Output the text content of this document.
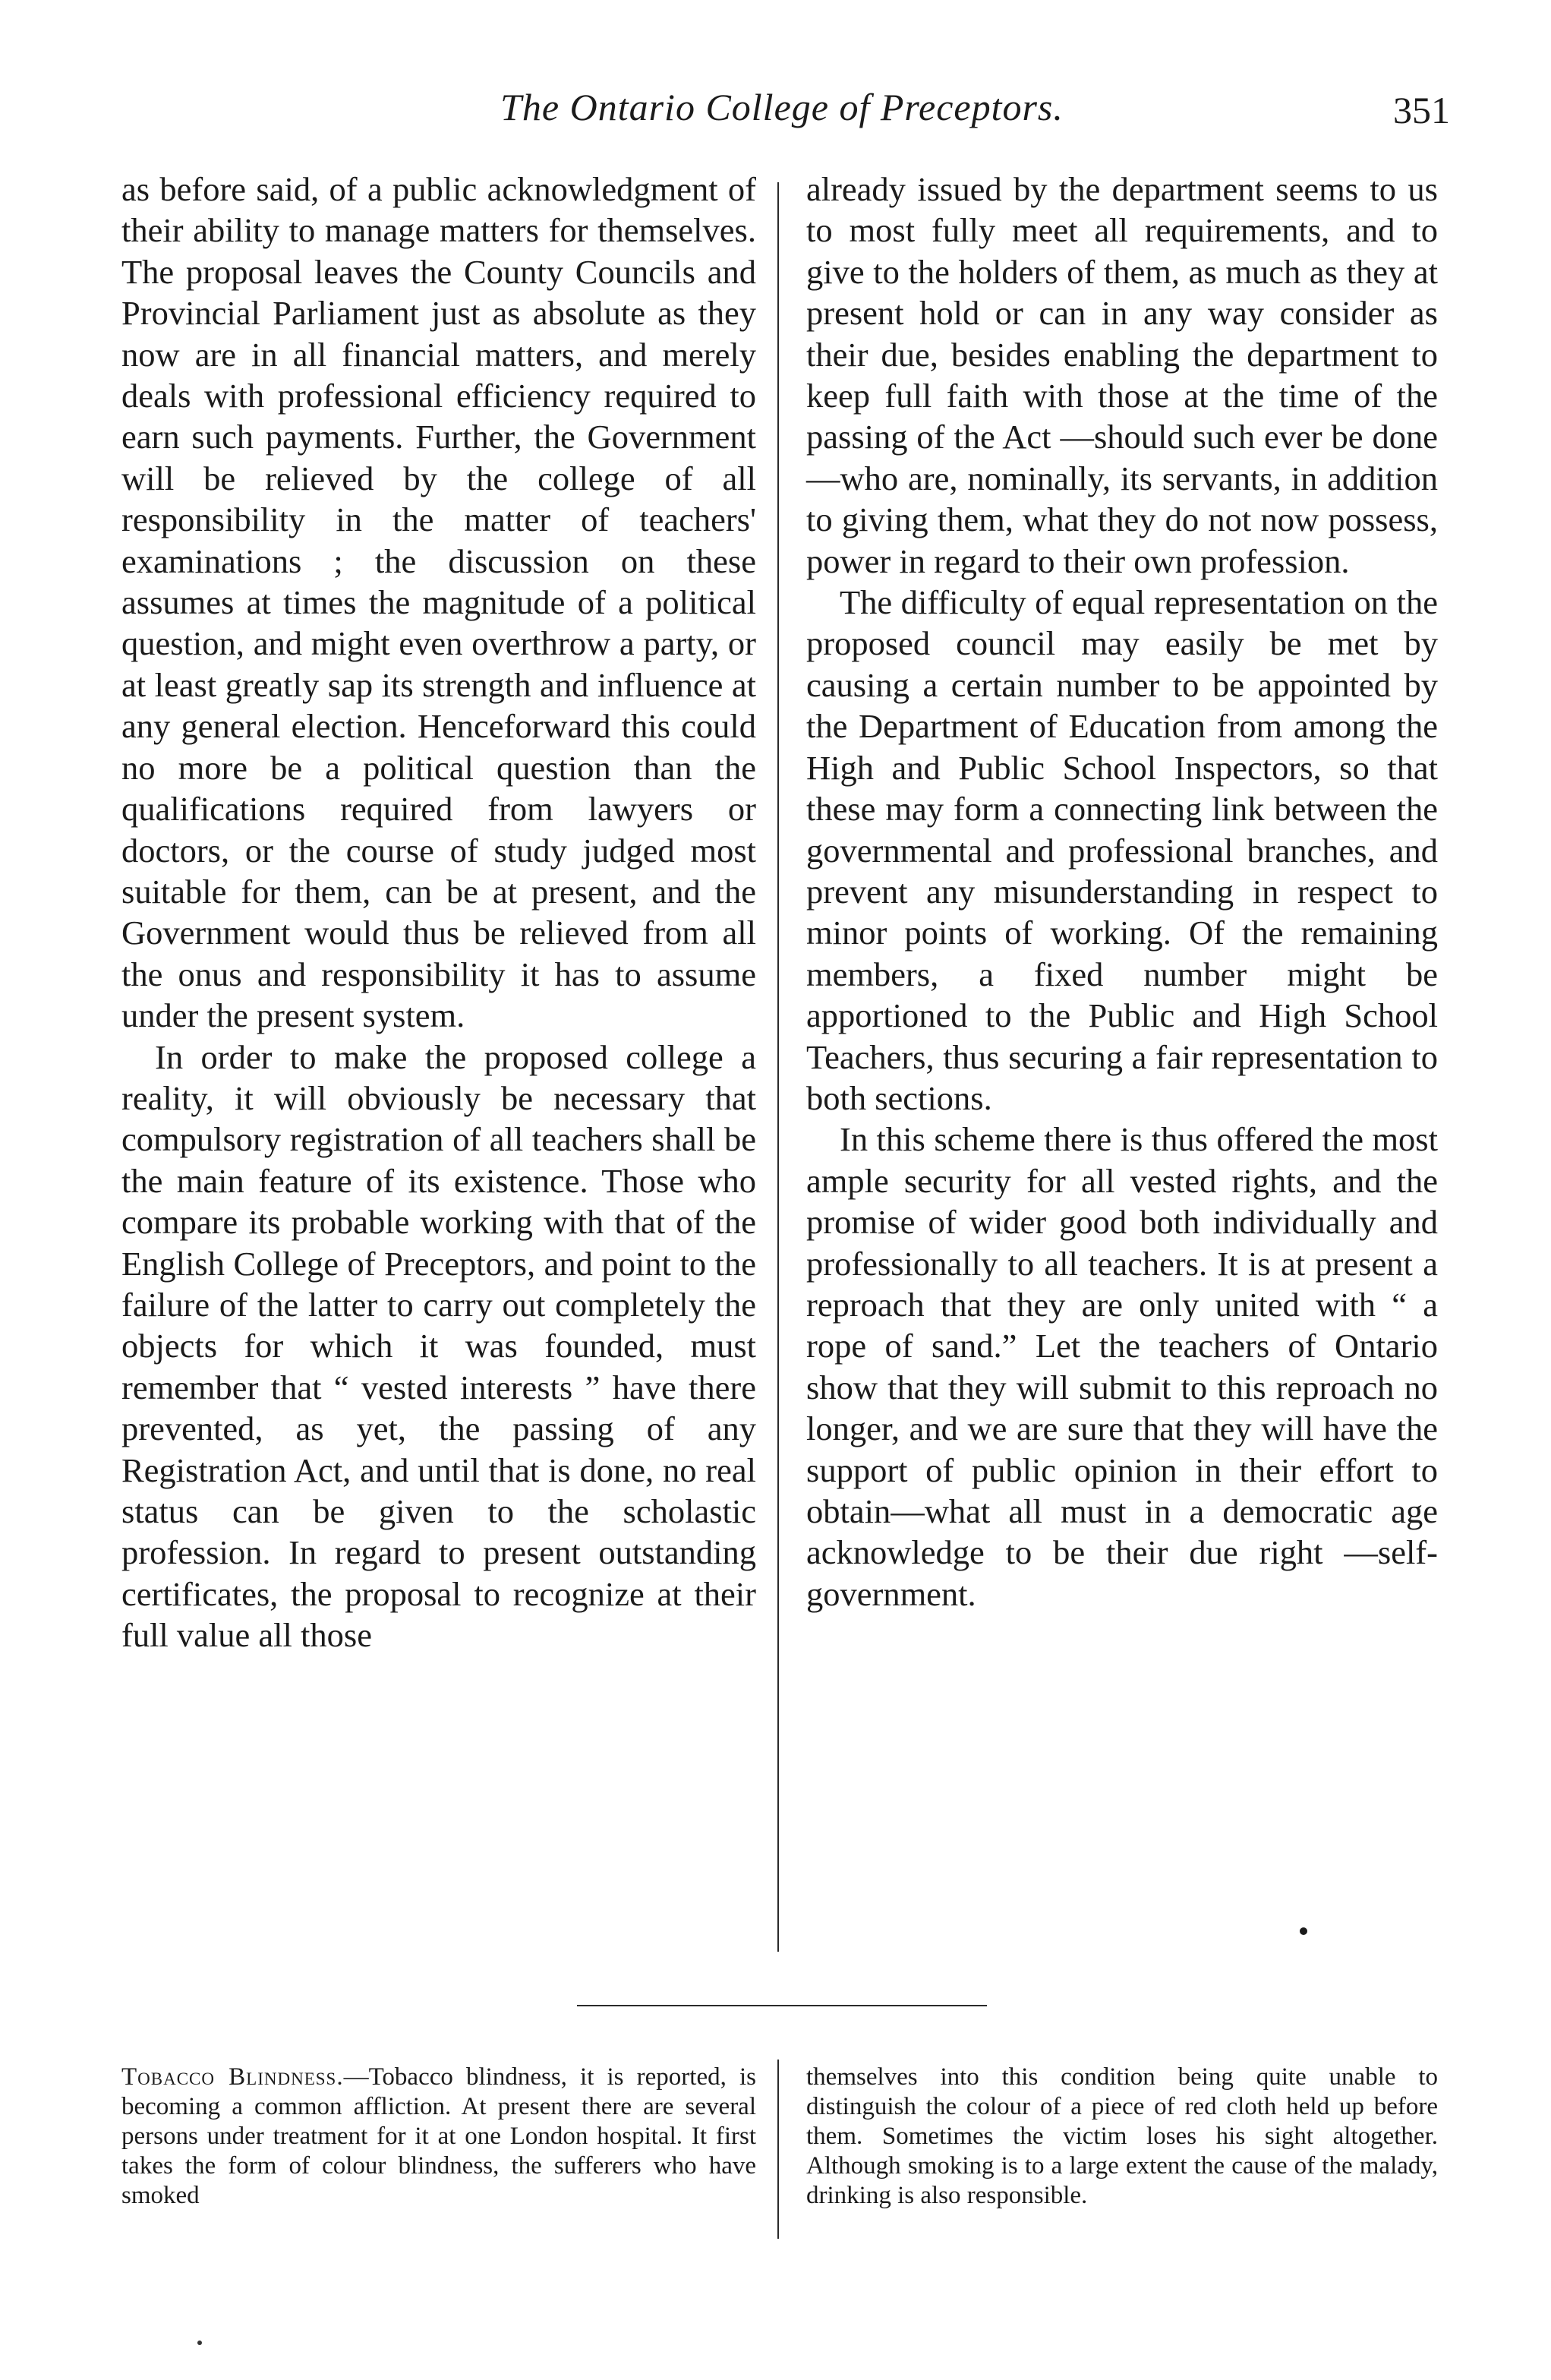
The Ontario College of Preceptors.	351

as before said, of a public acknowledgment of their ability to manage matters for themselves. The proposal leaves the County Councils and Provincial Parliament just as absolute as they now are in all financial matters, and merely deals with professional efficiency required to earn such payments. Further, the Government will be relieved by the college of all responsibility in the matter of teachers' examinations ; the discussion on these assumes at times the magnitude of a political question, and might even overthrow a party, or at least greatly sap its strength and influence at any general election. Henceforward this could no more be a political question than the qualifications required from lawyers or doctors, or the course of study judged most suitable for them, can be at present, and the Government would thus be relieved from all the onus and responsibility it has to assume under the present system.

In order to make the proposed college a reality, it will obviously be necessary that compulsory registration of all teachers shall be the main feature of its existence. Those who compare its probable working with that of the English College of Preceptors, and point to the failure of the latter to carry out completely the objects for which it was founded, must remember that “ vested interests ” have there prevented, as yet, the passing of any Registration Act, and until that is done, no real status can be given to the scholastic profession. In regard to present outstanding certificates, the proposal to recognize at their full value all those

already issued by the department seems to us to most fully meet all requirements, and to give to the holders of them, as much as they at present hold or can in any way consider as their due, besides enabling the department to keep full faith with those at the time of the passing of the Act —should such ever be done—who are, nominally, its servants, in addition to giving them, what they do not now possess, power in regard to their own profession.

The difficulty of equal representation on the proposed council may easily be met by causing a certain number to be appointed by the Department of Education from among the High and Public School Inspectors, so that these may form a connecting link between the governmental and professional branches, and prevent any misunderstanding in respect to minor points of working. Of the remaining members, a fixed number might be apportioned to the Public and High School Teachers, thus securing a fair representation to both sections.

In this scheme there is thus offered the most ample security for all vested rights, and the promise of wider good both individually and professionally to all teachers. It is at present a reproach that they are only united with “ a rope of sand.” Let the teachers of Ontario show that they will submit to this reproach no longer, and we are sure that they will have the support of public opinion in their effort to obtain—what all must in a democratic age acknowledge to be their due right —self-government.

Tobacco Blindness.—Tobacco blindness, it is reported, is becoming a common affliction. At present there are several persons under treatment for it at one London hospital. It first takes the form of colour blindness, the sufferers who have smoked

themselves into this condition being quite unable to distinguish the colour of a piece of red cloth held up before them. Sometimes the victim loses his sight altogether. Although smoking is to a large extent the cause of the malady, drinking is also responsible.
